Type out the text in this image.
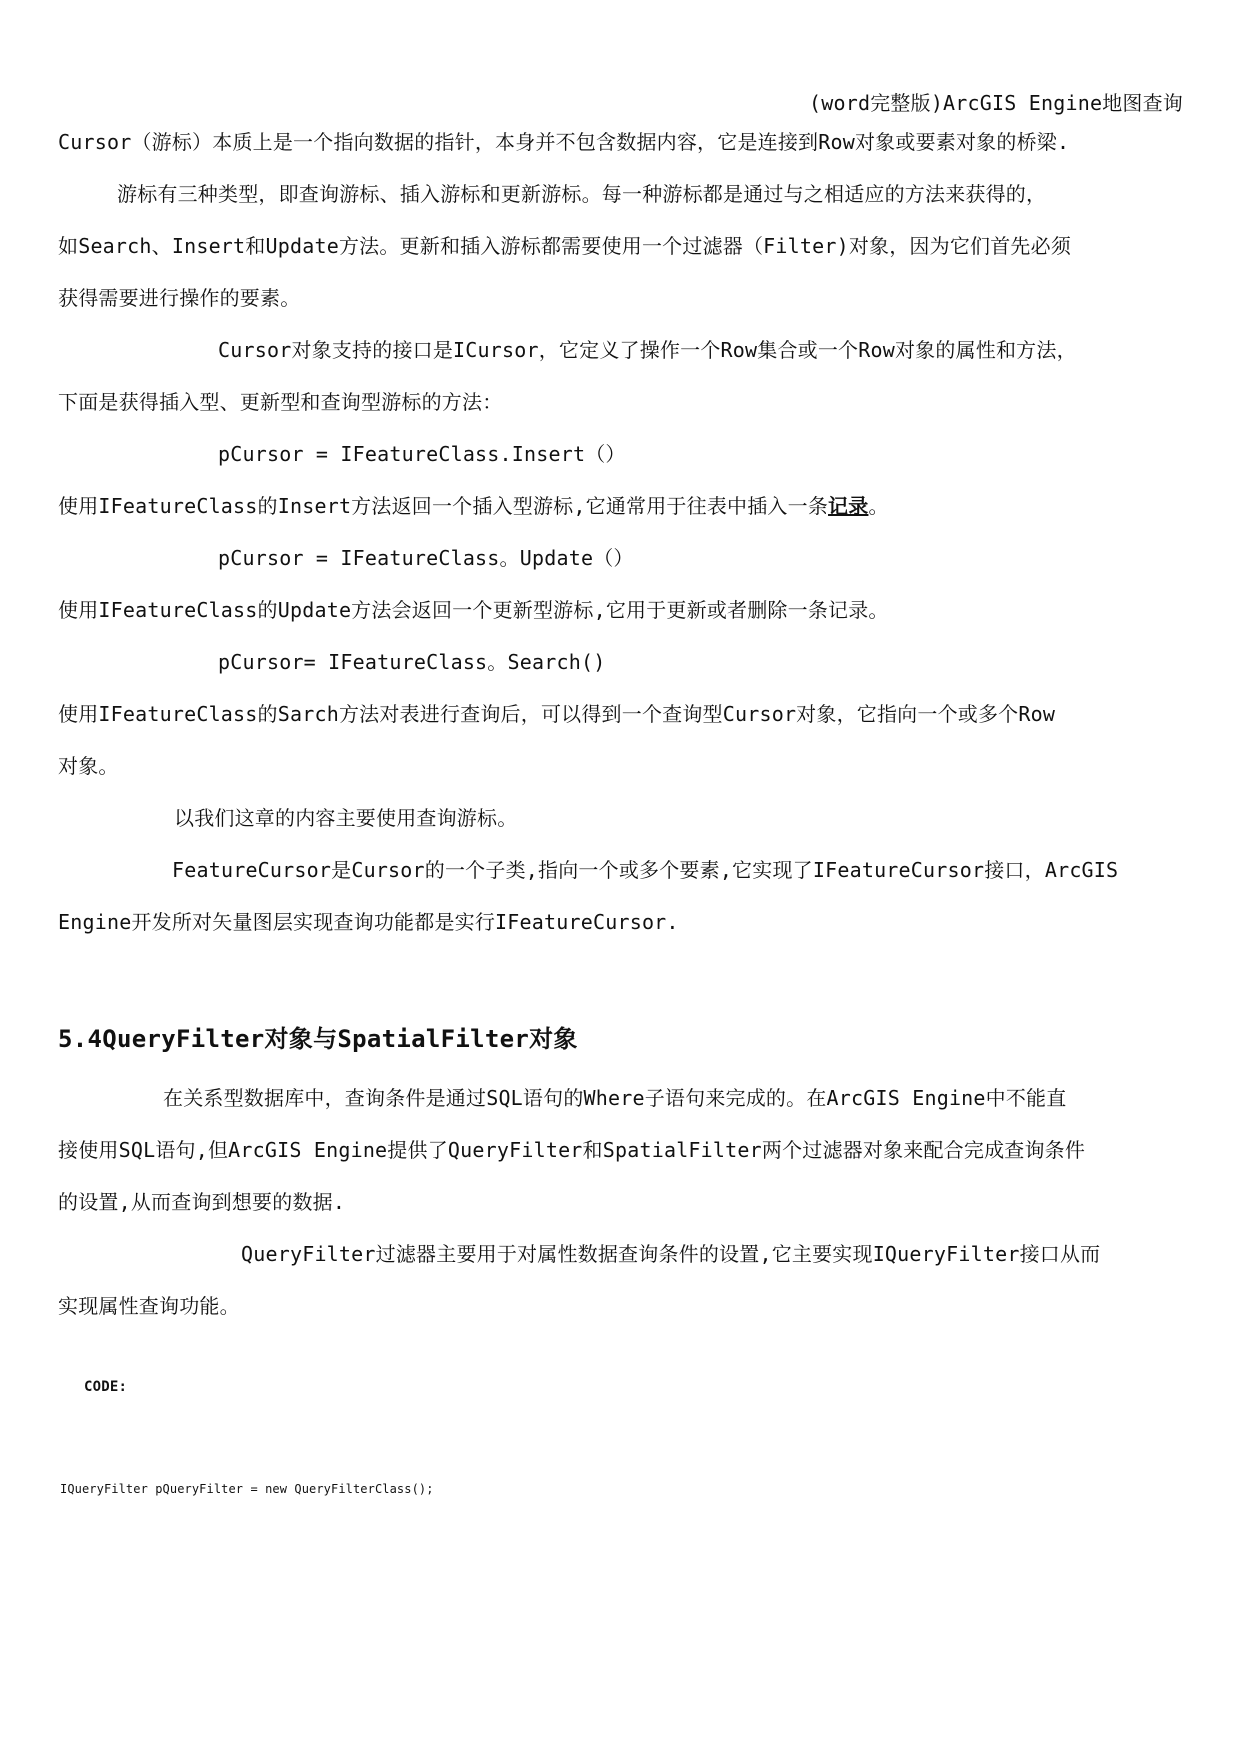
(word完整版)ArcGIS Engine地图查询
Cursor（游标）本质上是一个指向数据的指针，本身并不包含数据内容，它是连接到Row对象或要素对象的桥梁.
游标有三种类型，即查询游标、插入游标和更新游标。每一种游标都是通过与之相适应的方法来获得的，
如Search、Insert和Update方法。更新和插入游标都需要使用一个过滤器（Filter)对象，因为它们首先必须
获得需要进行操作的要素。
Cursor对象支持的接口是ICursor，它定义了操作一个Row集合或一个Row对象的属性和方法，
下面是获得插入型、更新型和查询型游标的方法：
pCursor = IFeatureClass.Insert（）
使用IFeatureClass的Insert方法返回一个插入型游标,它通常用于往表中插入一条记录。
pCursor = IFeatureClass。Update（）
使用IFeatureClass的Update方法会返回一个更新型游标,它用于更新或者删除一条记录。
pCursor= IFeatureClass。Search()
使用IFeatureClass的Sarch方法对表进行查询后，可以得到一个查询型Cursor对象，它指向一个或多个Row
对象。
以我们这章的内容主要使用查询游标。
FeatureCursor是Cursor的一个子类,指向一个或多个要素,它实现了IFeatureCursor接口，ArcGIS
Engine开发所对矢量图层实现查询功能都是实行IFeatureCursor.
5.4QueryFilter对象与SpatialFilter对象
在关系型数据库中，查询条件是通过SQL语句的Where子语句来完成的。在ArcGIS Engine中不能直
接使用SQL语句,但ArcGIS Engine提供了QueryFilter和SpatialFilter两个过滤器对象来配合完成查询条件
的设置,从而查询到想要的数据.
QueryFilter过滤器主要用于对属性数据查询条件的设置,它主要实现IQueryFilter接口从而
实现属性查询功能。
CODE:
IQueryFilter pQueryFilter = new QueryFilterClass();
